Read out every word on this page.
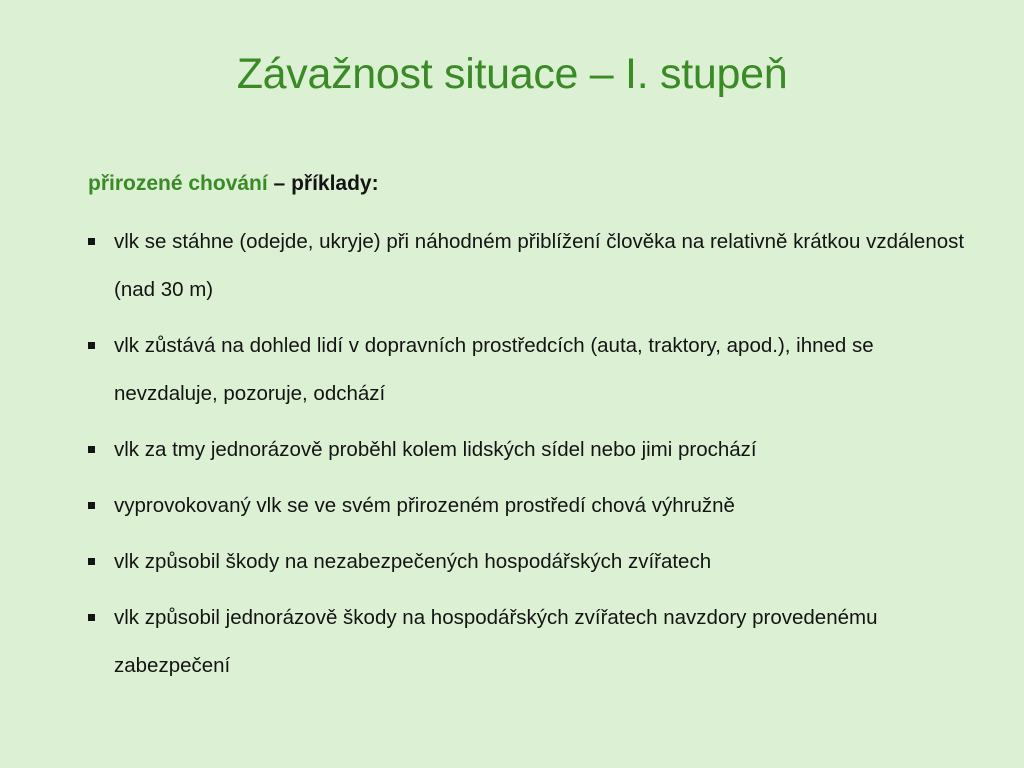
Závažnost situace – I. stupeň

přirozené chování – příklady:

vlk se stáhne (odejde, ukryje) při náhodném přiblížení člověka na relativně krátkou vzdálenost (nad 30 m)
vlk zůstává na dohled lidí v dopravních prostředcích (auta, traktory, apod.), ihned se nevzdaluje, pozoruje, odchází
vlk za tmy jednorázově proběhl kolem lidských sídel nebo jimi prochází
vyprovokovaný vlk se ve svém přirozeném prostředí chová výhružně
vlk způsobil škody na nezabezpečených hospodářských zvířatech
vlk způsobil jednorázově škody na hospodářských zvířatech navzdory provedenému zabezpečení
